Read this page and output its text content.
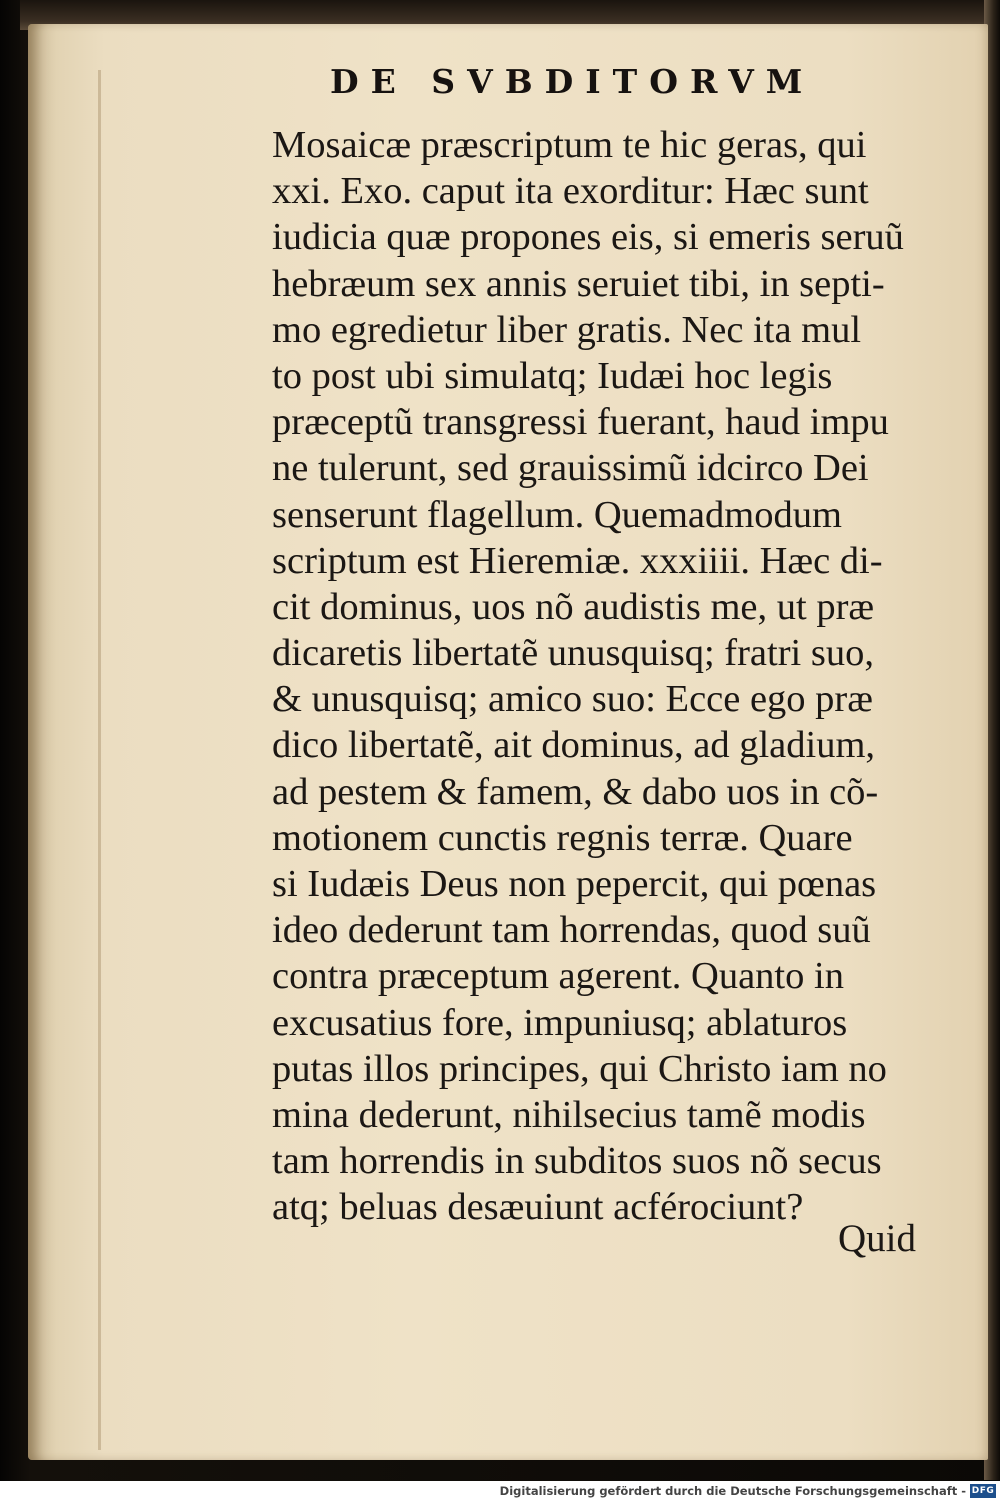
DE SVBDITORVM
Mosaicæ præscriptum te hic geras, qui
xxi. Exo. caput ita exorditur: Hæc sunt
iudicia quæ propones eis, si emeris seruũ
hebræum sex annis seruiet tibi, in septi-
mo egredietur liber gratis. Nec ita mul
to post ubi simulatq; Iudæi hoc legis
præceptũ transgressi fuerant, haud impu
ne tulerunt, sed grauissimũ idcirco Dei
senserunt flagellum. Quemadmodum
scriptum est Hieremiæ. xxxiiii. Hæc di-
cit dominus, uos nõ audistis me, ut præ
dicaretis libertatẽ unusquisq; fratri suo,
& unusquisq; amico suo: Ecce ego præ
dico libertatẽ, ait dominus, ad gladium,
ad pestem & famem, & dabo uos in cõ-
motionem cunctis regnis terræ. Quare
si Iudæis Deus non pepercit, qui pœnas
ideo dederunt tam horrendas, quod suũ
contra præceptum agerent. Quanto in
excusatius fore, impuniusq; ablaturos
putas illos principes, qui Christo iam no
mina dederunt, nihilsecius tamẽ modis
tam horrendis in subditos suos nõ secus
atq; beluas desæuiunt acférociunt?
Quid
Digitalisierung gefördert durch die Deutsche Forschungsgemeinschaft - DFG
